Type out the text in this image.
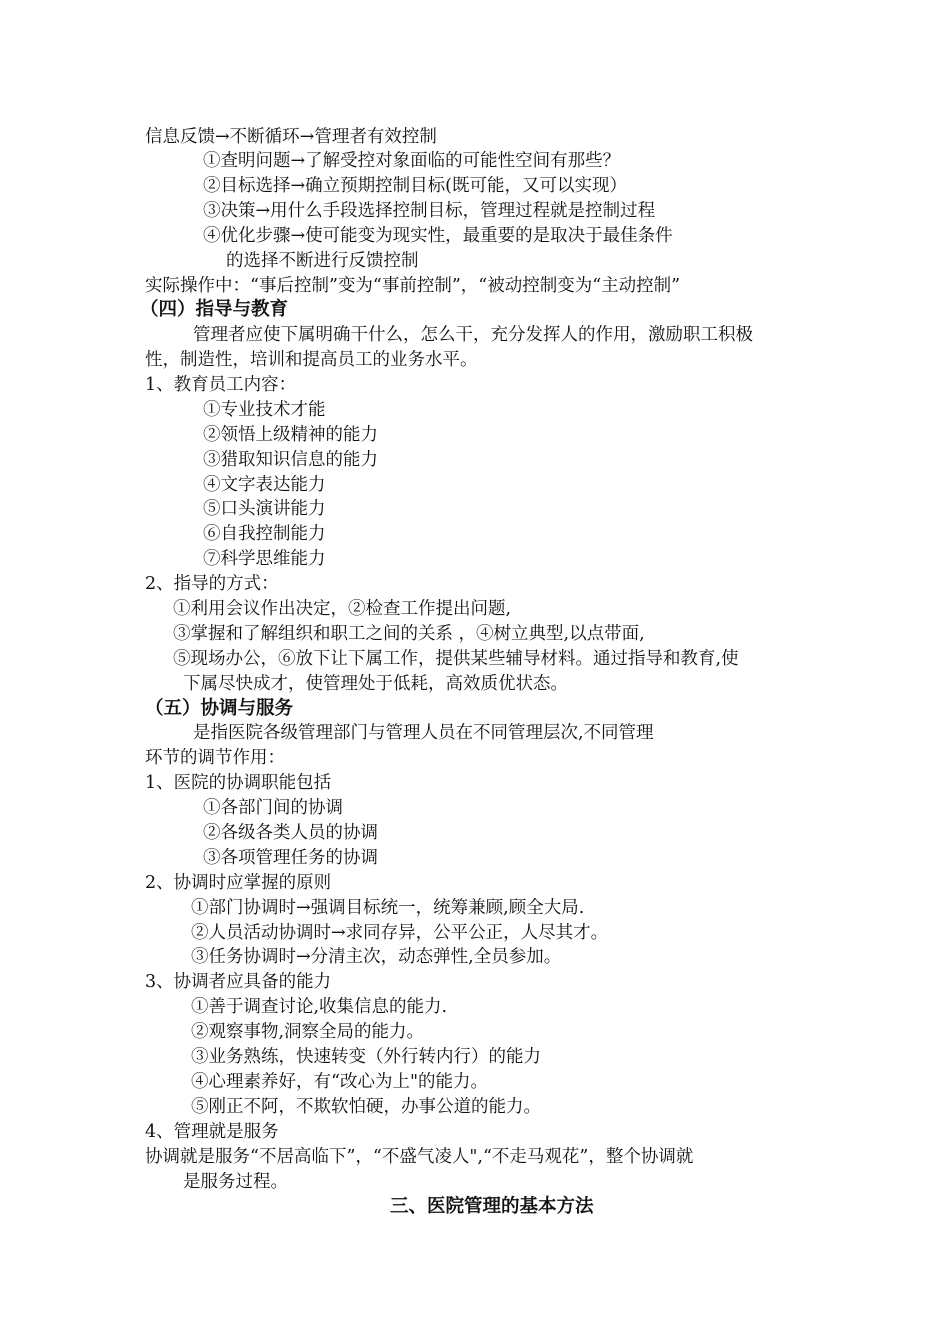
信息反馈→不断循环→管理者有效控制
①查明问题→了解受控对象面临的可能性空间有那些？
②目标选择→确立预期控制目标(既可能，又可以实现）
③决策→用什么手段选择控制目标，管理过程就是控制过程
④优化步骤→使可能变为现实性，最重要的是取决于最佳条件
的选择不断进行反馈控制
实际操作中：“事后控制”变为“事前控制”，“被动控制变为“主动控制”
（四）指导与教育
管理者应使下属明确干什么，怎么干，充分发挥人的作用，激励职工积极
性，制造性，培训和提高员工的业务水平。
1、教育员工内容：
①专业技术才能
②领悟上级精神的能力
③猎取知识信息的能力
④文字表达能力
⑤口头演讲能力
⑥自我控制能力
⑦科学思维能力
2、指导的方式：
①利用会议作出决定，②检查工作提出问题,
③掌握和了解组织和职工之间的关系 ，④树立典型,以点带面,
⑤现场办公，⑥放下让下属工作，提供某些辅导材料。通过指导和教育,使
下属尽快成才，使管理处于低耗，高效质优状态。
（五）协调与服务
是指医院各级管理部门与管理人员在不同管理层次,不同管理
环节的调节作用：
1、医院的协调职能包括
①各部门间的协调
②各级各类人员的协调
③各项管理任务的协调
2、协调时应掌握的原则
①部门协调时→强调目标统一，统筹兼顾,顾全大局.
②人员活动协调时→求同存异，公平公正，人尽其才。
③任务协调时→分清主次，动态弹性,全员参加。
3、协调者应具备的能力
①善于调查讨论,收集信息的能力.
②观察事物,洞察全局的能力。
③业务熟练，快速转变（外行转内行）的能力
④心理素养好，有“改心为上"的能力。
⑤刚正不阿，不欺软怕硬，办事公道的能力。
4、管理就是服务
协调就是服务“不居高临下”，“不盛气凌人",“不走马观花”，整个协调就
是服务过程。
三、医院管理的基本方法
